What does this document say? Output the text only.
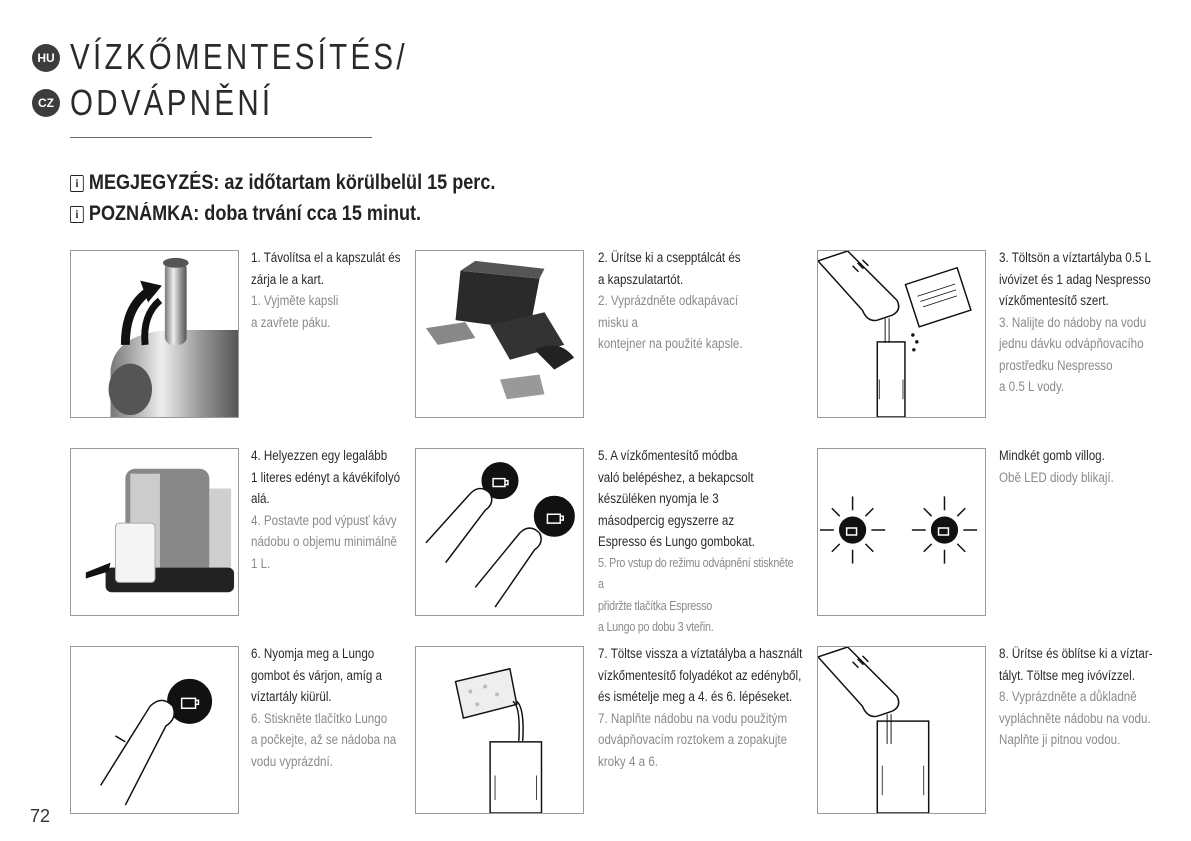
HU VÍZKŐMENTESÍTÉS/
CZ ODVÁPNĚNÍ
i MEGJEGYZÉS: az időtartam körülbelül 15 perc.
i POZNÁMKA: doba trvání cca 15 minut.
1. Távolítsa el a kapszulát és
zárja le a kart.
1. Vyjměte kapsli
a zavřete páku.
2. Ürítse ki a csepptálcát és
a kapszulatartót.
2. Vyprázdněte odkapávací misku a
kontejner na použité kapsle.
3. Töltsön a víztartályba 0.5 L
ivóvizet és 1 adag Nespresso
vízkőmentesítő szert.
3. Nalijte do nádoby na vodu
jednu dávku odvápňovacího
prostředku Nespresso
a 0.5 L vody.
4. Helyezzen egy legalább
1 literes edényt a kávékifolyó
alá.
4. Postavte pod výpusť kávy
nádobu o objemu minimálně
1 L.
5. A vízkőmentesítő módba
való belépéshez, a bekapcsolt
készüléken nyomja le 3
másodpercig egyszerre az
Espresso és Lungo gombokat.
5. Pro vstup do režimu odvápnění stiskněte a
přidržte tlačítka Espresso
a Lungo po dobu 3 vteřin.
Mindkét gomb villog.
Obě LED diody blikají.
6. Nyomja meg a Lungo
gombot és várjon, amíg a
víztartály kiürül.
6. Stiskněte tlačítko Lungo
a počkejte, až se nádoba na
vodu vyprázdní.
7. Töltse vissza a víztatályba a használt
vízkőmentesítő folyadékot az edényből,
és ismételje meg a 4. és 6. lépéseket.
7. Naplňte nádobu na vodu použitým
odvápňovacím roztokem a zopakujte
kroky 4 a 6.
8. Ürítse és öblítse ki a víztar-
tályt. Töltse meg ivóvízzel.
8. Vyprázdněte a důkladně
vypláchněte nádobu na vodu.
Naplňte ji pitnou vodou.
72
